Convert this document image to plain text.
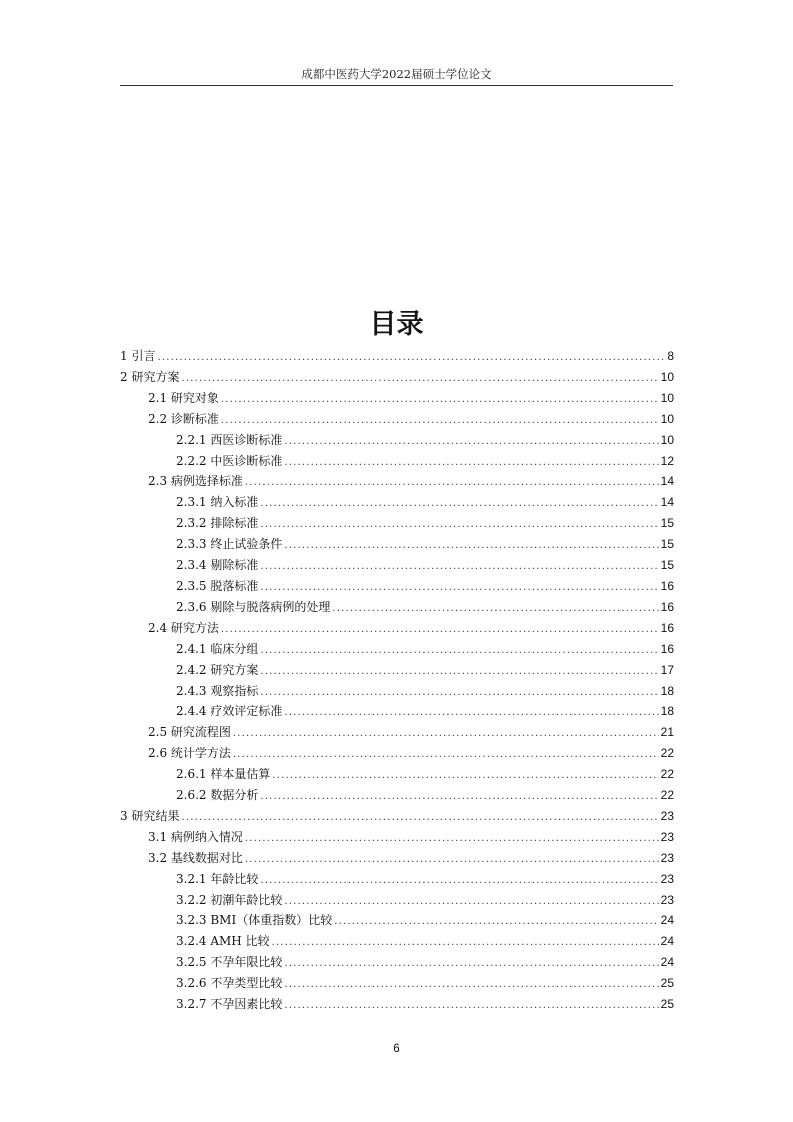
成都中医药大学2022届硕士学位论文
目录
1 引言 .....	8
2 研究方案 .....	10
2.1 研究对象 .....	10
2.2 诊断标准 .....	10
2.2.1 西医诊断标准 .....	10
2.2.2 中医诊断标准 .....	12
2.3 病例选择标准 .....	14
2.3.1 纳入标准 .....	14
2.3.2 排除标准 .....	15
2.3.3 终止试验条件 .....	15
2.3.4 剔除标准 .....	15
2.3.5 脱落标准 .....	16
2.3.6 剔除与脱落病例的处理 .....	16
2.4 研究方法 .....	16
2.4.1 临床分组 .....	16
2.4.2 研究方案 .....	17
2.4.3 观察指标 .....	18
2.4.4 疗效评定标准 .....	18
2.5 研究流程图 .....	21
2.6 统计学方法 .....	22
2.6.1 样本量估算 .....	22
2.6.2 数据分析 .....	22
3 研究结果 .....	23
3.1 病例纳入情况 .....	23
3.2 基线数据对比 .....	23
3.2.1 年龄比较 .....	23
3.2.2 初潮年龄比较 .....	23
3.2.3 BMI（体重指数）比较 .....	24
3.2.4 AMH 比较 .....	24
3.2.5 不孕年限比较 .....	24
3.2.6 不孕类型比较 .....	25
3.2.7 不孕因素比较 .....	25
6
